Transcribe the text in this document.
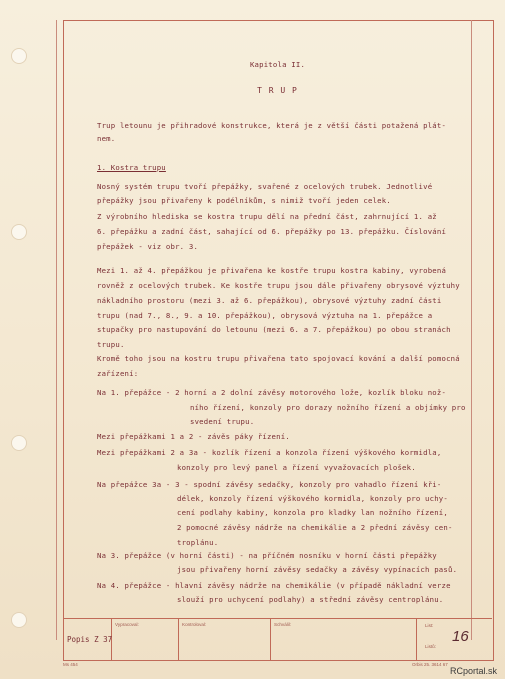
Kapitola II.
T R U P
Trup letounu je přihradové konstrukce, která je z větší části potažená plát-
nem.
1. Kostra trupu
Nosný systém trupu tvoří přepážky, svařené z ocelových trubek. Jednotlivé
přepážky jsou přivařeny k podélníkům, s nimiž tvoří jeden celek.
Z výrobního hlediska se kostra trupu dělí na přední část, zahrnující 1. až
6. přepážku a zadní část, sahající od 6. přepážky po 13. přepážku. Číslování
přepážek - viz obr. 3.
Mezi 1. až 4. přepážkou je přivařena ke kostře trupu kostra kabiny, vyrobená
rovněž z ocelových trubek. Ke kostře trupu jsou dále přivařeny obrysové výztuhy
nákladního prostoru (mezi 3. až 6. přepážkou), obrysové výztuhy zadní části
trupu (nad 7., 8., 9. a 10. přepážkou), obrysová výztuha na 1. přepážce a
stupačky pro nastupování do letounu (mezi 6. a 7. přepážkou) po obou stranách
trupu.
Kromě toho jsou na kostru trupu přivařena tato spojovací kování a další pomocná
zařízení:
Na 1. přepážce - 2 horní a 2 dolní závěsy motorového lože, kozlík bloku nož-
ního řízení, konzoly pro dorazy nožního řízení a objímky pro
svedení trupu.
Mezi přepážkami 1 a 2 - závěs páky řízení.
Mezi přepážkami 2 a 3a - kozlík řízení a konzola řízení výškového kormidla,
konzoly pro levý panel a řízení vyvažovacích plošek.
Na přepážce 3a - 3 - spodní závěsy sedačky, konzoly pro vahadlo řízení kři-
délek, konzoly řízení výškového kormidla, konzoly pro uchy-
cení podlahy kabiny, konzola pro kladky lan nožního řízení,
2 pomocné závěsy nádrže na chemikálie a 2 přední závěsy cen-
troplánu.
Na 3. přepážce (v horní části) - na příčném nosníku v horní části přepážky
jsou přivařeny horní závěsy sedačky a závěsy vypínacích pasů.
Na 4. přepážce - hlavní závěsy nádrže na chemikálie (v případě nákladní verze
slouží pro uchycení podlahy) a střední závěsy centroplánu.
Popis Z 37
Vypracoval:	Kontroloval:	Schválil:	List:
Listů:
16
Ms 454	Orbis 25. 3614 67
RCportal.sk
